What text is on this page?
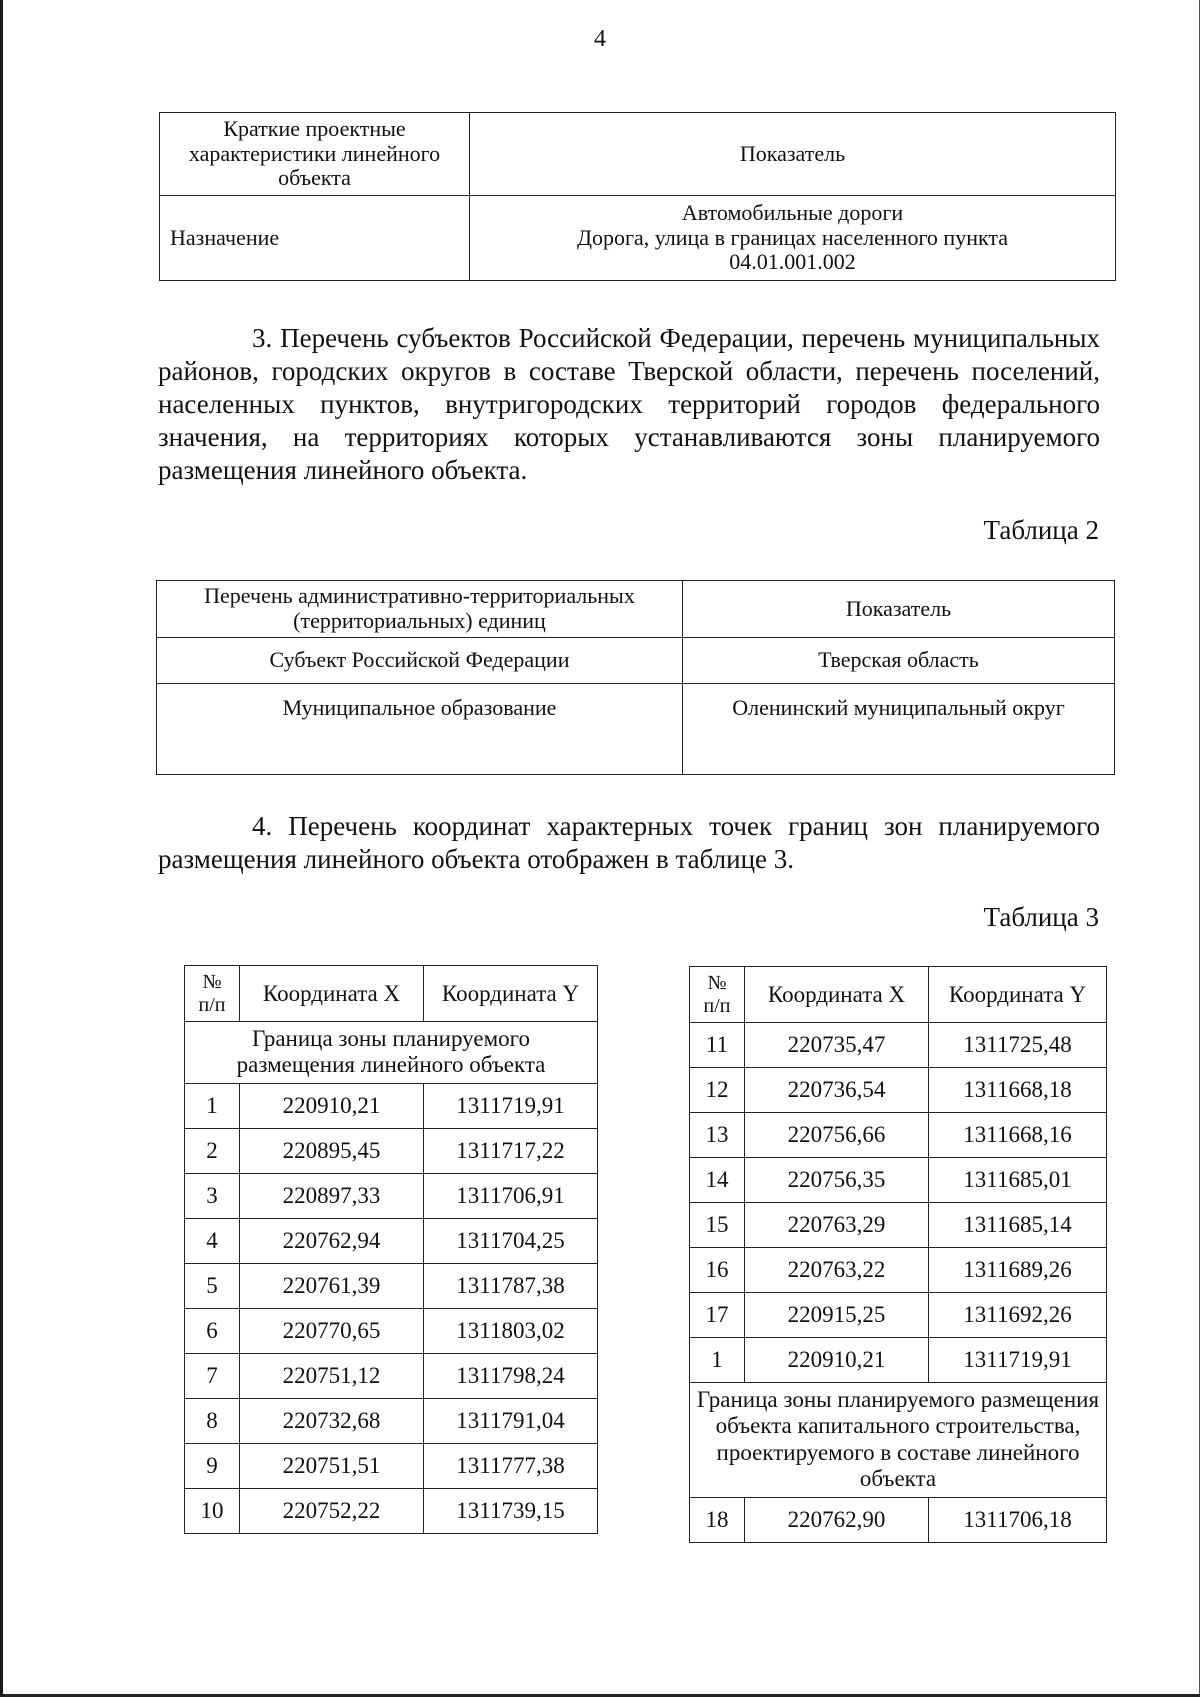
4
Краткие проектные характеристики линейного объекта	Показатель
Назначение	Автомобильные дороги
Дорога, улица в границах населенного пункта
04.01.001.002
3. Перечень субъектов Российской Федерации, перечень муниципальных районов, городских округов в составе Тверской области, перечень поселений, населенных пунктов, внутригородских территорий городов федерального значения, на территориях которых устанавливаются зоны планируемого размещения линейного объекта.
Таблица 2
Перечень административно-территориальных (территориальных) единиц	Показатель
Субъект Российской Федерации	Тверская область
Муниципальное образование	Оленинский муниципальный округ
4. Перечень координат характерных точек границ зон планируемого размещения линейного объекта отображен в таблице 3.
Таблица 3
№
п/п	Координата X	Координата Y
Граница зоны планируемого размещения линейного объекта		
1	220910,21	1311719,91
2	220895,45	1311717,22
3	220897,33	1311706,91
4	220762,94	1311704,25
5	220761,39	1311787,38
6	220770,65	1311803,02
7	220751,12	1311798,24
8	220732,68	1311791,04
9	220751,51	1311777,38
10	220752,22	1311739,15
№
п/п	Координата X	Координата Y
11	220735,47	1311725,48
12	220736,54	1311668,18
13	220756,66	1311668,16
14	220756,35	1311685,01
15	220763,29	1311685,14
16	220763,22	1311689,26
17	220915,25	1311692,26
1	220910,21	1311719,91
Граница зоны планируемого размещения объекта капитального строительства, проектируемого в составе линейного объекта		
18	220762,90	1311706,18
